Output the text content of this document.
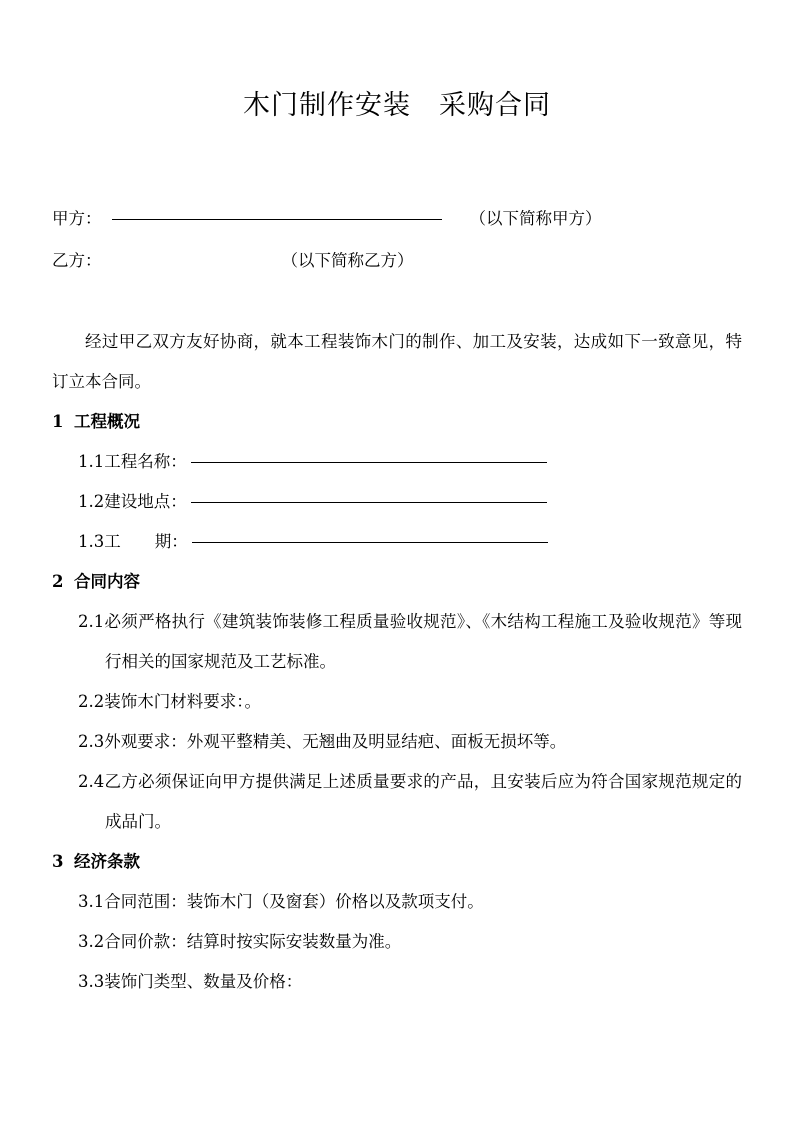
木门制作安装　采购合同
甲方：	（以下简称甲方）
乙方：	（以下简称乙方）

经过甲乙双方友好协商，就本工程装饰木门的制作、加工及安装，达成如下一致意见，特订立本合同。

1 工程概况
1.1工程名称：
1.2建设地点：
1.3工 期：
2 合同内容
2.1必须严格执行《建筑装饰装修工程质量验收规范》、《木结构工程施工及验收规范》等现行相关的国家规范及工艺标准。
2.2装饰木门材料要求：。
2.3外观要求：外观平整精美、无翘曲及明显结疤、面板无损坏等。
2.4乙方必须保证向甲方提供满足上述质量要求的产品，且安装后应为符合国家规范规定的成品门。
3 经济条款
3.1合同范围：装饰木门（及窗套）价格以及款项支付。
3.2合同价款：结算时按实际安装数量为准。
3.3装饰门类型、数量及价格：
